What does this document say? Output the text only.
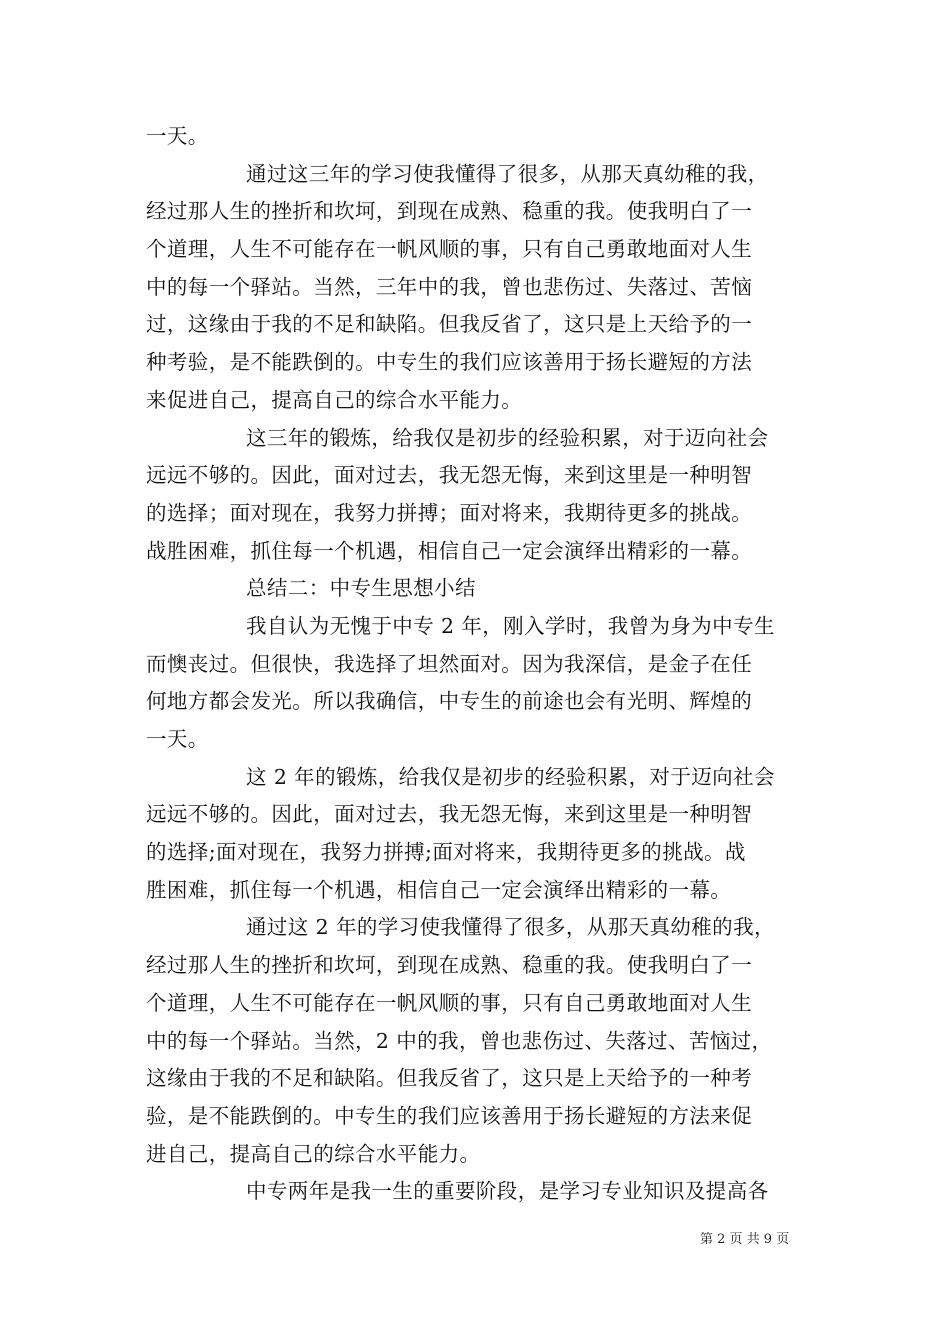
一天。
通过这三年的学习使我懂得了很多，从那天真幼稚的我，
经过那人生的挫折和坎坷，到现在成熟、稳重的我。使我明白了一
个道理，人生不可能存在一帆风顺的事，只有自己勇敢地面对人生
中的每一个驿站。当然，三年中的我，曾也悲伤过、失落过、苦恼
过，这缘由于我的不足和缺陷。但我反省了，这只是上天给予的一
种考验，是不能跌倒的。中专生的我们应该善用于扬长避短的方法
来促进自己，提高自己的综合水平能力。
这三年的锻炼，给我仅是初步的经验积累，对于迈向社会
远远不够的。因此，面对过去，我无怨无悔，来到这里是一种明智
的选择；面对现在，我努力拼搏；面对将来，我期待更多的挑战。
战胜困难，抓住每一个机遇，相信自己一定会演绎出精彩的一幕。
总结二：中专生思想小结
我自认为无愧于中专 2 年，刚入学时，我曾为身为中专生
而懊丧过。但很快，我选择了坦然面对。因为我深信，是金子在任
何地方都会发光。所以我确信，中专生的前途也会有光明、辉煌的
一天。
这 2 年的锻炼，给我仅是初步的经验积累，对于迈向社会
远远不够的。因此，面对过去，我无怨无悔，来到这里是一种明智
的选择;面对现在，我努力拼搏;面对将来，我期待更多的挑战。战
胜困难，抓住每一个机遇，相信自己一定会演绎出精彩的一幕。
通过这 2 年的学习使我懂得了很多，从那天真幼稚的我，
经过那人生的挫折和坎坷，到现在成熟、稳重的我。使我明白了一
个道理，人生不可能存在一帆风顺的事，只有自己勇敢地面对人生
中的每一个驿站。当然，2 中的我，曾也悲伤过、失落过、苦恼过，
这缘由于我的不足和缺陷。但我反省了，这只是上天给予的一种考
验，是不能跌倒的。中专生的我们应该善用于扬长避短的方法来促
进自己，提高自己的综合水平能力。
中专两年是我一生的重要阶段，是学习专业知识及提高各
第 2 页 共 9 页
